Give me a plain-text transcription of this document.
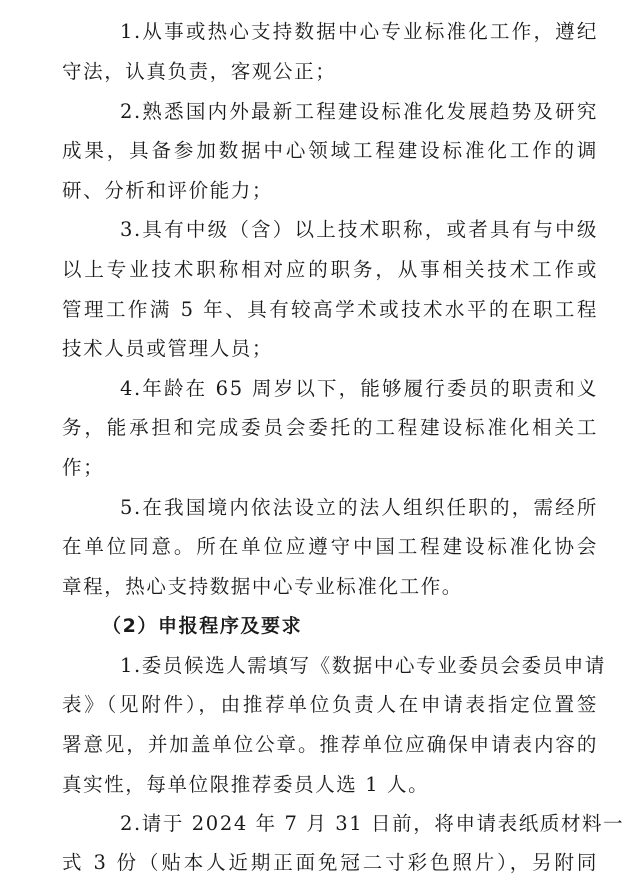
1.从事或热心支持数据中心专业标准化工作，遵纪
守法，认真负责，客观公正；
2.熟悉国内外最新工程建设标准化发展趋势及研究
成果，具备参加数据中心领域工程建设标准化工作的调
研、分析和评价能力；
3.具有中级（含）以上技术职称，或者具有与中级
以上专业技术职称相对应的职务，从事相关技术工作或
管理工作满 5 年、具有较高学术或技术水平的在职工程
技术人员或管理人员；
4.年龄在 65 周岁以下，能够履行委员的职责和义
务，能承担和完成委员会委托的工程建设标准化相关工
作；
5.在我国境内依法设立的法人组织任职的，需经所
在单位同意。所在单位应遵守中国工程建设标准化协会
章程，热心支持数据中心专业标准化工作。
（2）申报程序及要求
1.委员候选人需填写《数据中心专业委员会委员申请
表》（见附件），由推荐单位负责人在申请表指定位置签
署意见，并加盖单位公章。推荐单位应确保申请表内容的
真实性，每单位限推荐委员人选 1 人。
2.请于 2024 年 7 月 31 日前，将申请表纸质材料一
式 3 份（贴本人近期正面免冠二寸彩色照片），另附同
